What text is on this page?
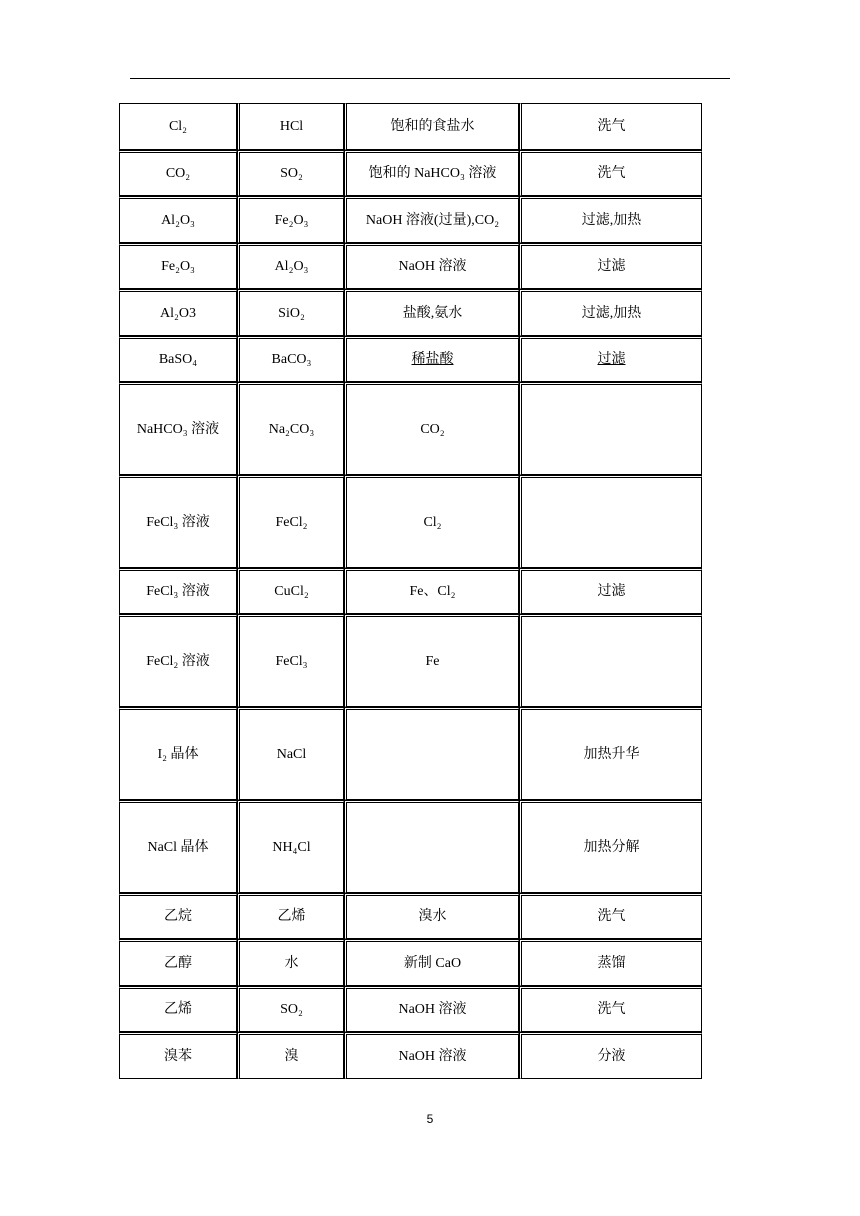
Cl₂	HCl	饱和的食盐水	洗气
CO₂	SO₂	饱和的 NaHCO₃ 溶液	洗气
Al₂O₃	Fe₂O₃	NaOH 溶液(过量),CO₂	过滤,加热
Fe₂O₃	Al₂O₃	NaOH 溶液	过滤
Al₂O3	SiO₂	盐酸,氨水	过滤,加热
BaSO₄	BaCO₃	稀盐酸	过滤
NaHCO₃ 溶液	Na₂CO₃	CO₂	
FeCl₃ 溶液	FeCl₂	Cl₂	
FeCl₃ 溶液	CuCl₂	Fe、Cl₂	过滤
FeCl₂ 溶液	FeCl₃	Fe	
I₂ 晶体	NaCl		加热升华
NaCl 晶体	NH₄Cl		加热分解
乙烷	乙烯	溴水	洗气
乙醇	水	新制 CaO	蒸馏
乙烯	SO₂	NaOH 溶液	洗气
溴苯	溴	NaOH 溶液	分液
5
